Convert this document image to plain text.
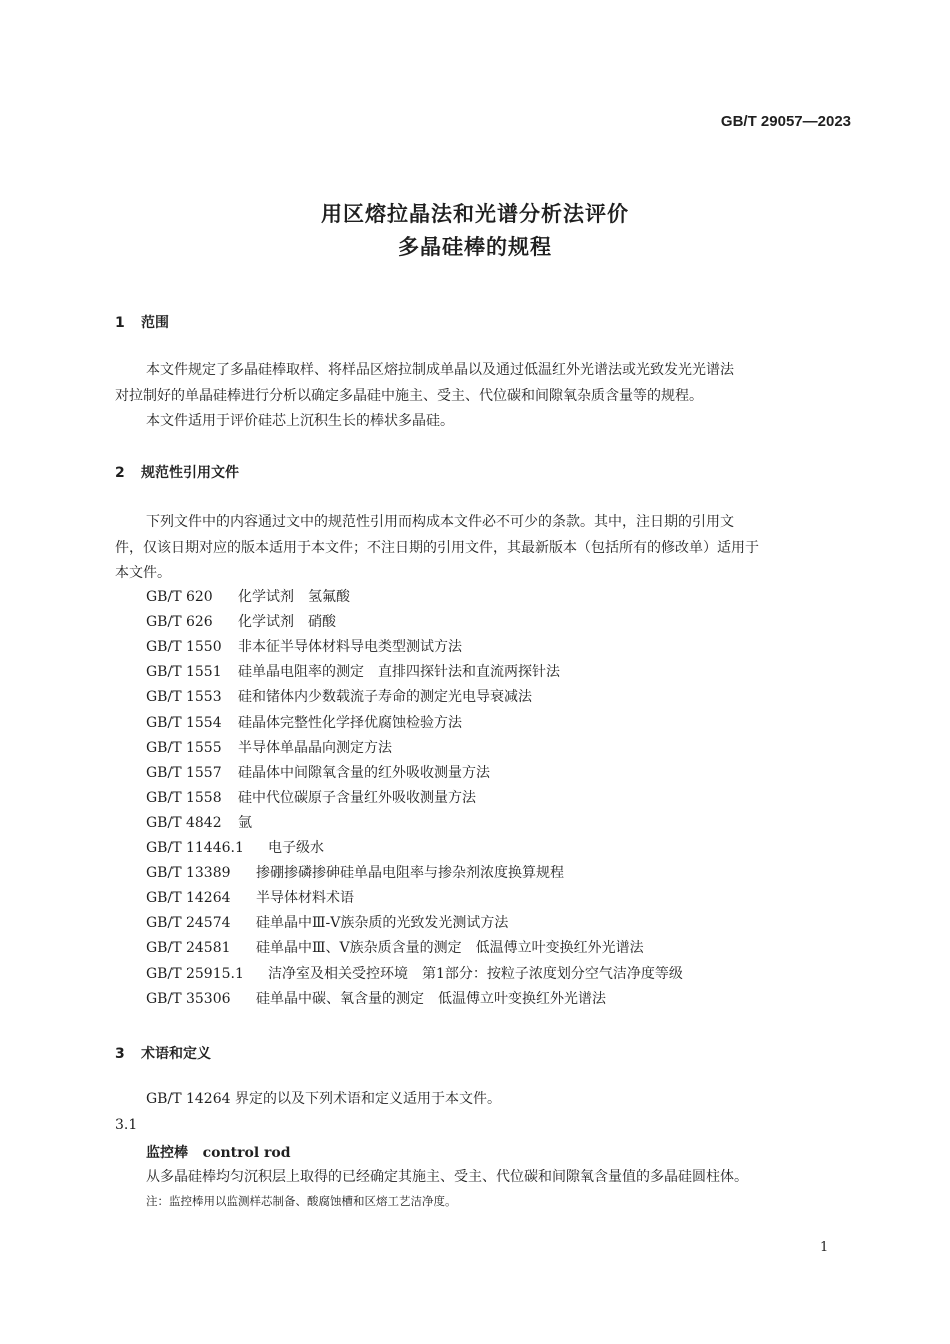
GB/T 29057—2023
用区熔拉晶法和光谱分析法评价
多晶硅棒的规程
1 范围
本文件规定了多晶硅棒取样、将样品区熔拉制成单晶以及通过低温红外光谱法或光致发光光谱法
对拉制好的单晶硅棒进行分析以确定多晶硅中施主、受主、代位碳和间隙氧杂质含量等的规程。
本文件适用于评价硅芯上沉积生长的棒状多晶硅。
2 规范性引用文件
下列文件中的内容通过文中的规范性引用而构成本文件必不可少的条款。其中，注日期的引用文
件，仅该日期对应的版本适用于本文件；不注日期的引用文件，其最新版本（包括所有的修改单）适用于
本文件。
GB/T 620 化学试剂　氢氟酸
GB/T 626 化学试剂　硝酸
GB/T 1550 非本征半导体材料导电类型测试方法
GB/T 1551 硅单晶电阻率的测定　直排四探针法和直流两探针法
GB/T 1553 硅和锗体内少数载流子寿命的测定光电导衰减法
GB/T 1554 硅晶体完整性化学择优腐蚀检验方法
GB/T 1555 半导体单晶晶向测定方法
GB/T 1557 硅晶体中间隙氧含量的红外吸收测量方法
GB/T 1558 硅中代位碳原子含量红外吸收测量方法
GB/T 4842 氩
GB/T 11446.1 电子级水
GB/T 13389 掺硼掺磷掺砷硅单晶电阻率与掺杂剂浓度换算规程
GB/T 14264 半导体材料术语
GB/T 24574 硅单晶中Ⅲ-Ⅴ族杂质的光致发光测试方法
GB/T 24581 硅单晶中Ⅲ、Ⅴ族杂质含量的测定　低温傅立叶变换红外光谱法
GB/T 25915.1 洁净室及相关受控环境　第1部分：按粒子浓度划分空气洁净度等级
GB/T 35306 硅单晶中碳、氧含量的测定　低温傅立叶变换红外光谱法
3 术语和定义
GB/T 14264 界定的以及下列术语和定义适用于本文件。
3.1
监控棒 control rod
从多晶硅棒均匀沉积层上取得的已经确定其施主、受主、代位碳和间隙氧含量值的多晶硅圆柱体。
注：监控棒用以监测样芯制备、酸腐蚀槽和区熔工艺洁净度。
1
